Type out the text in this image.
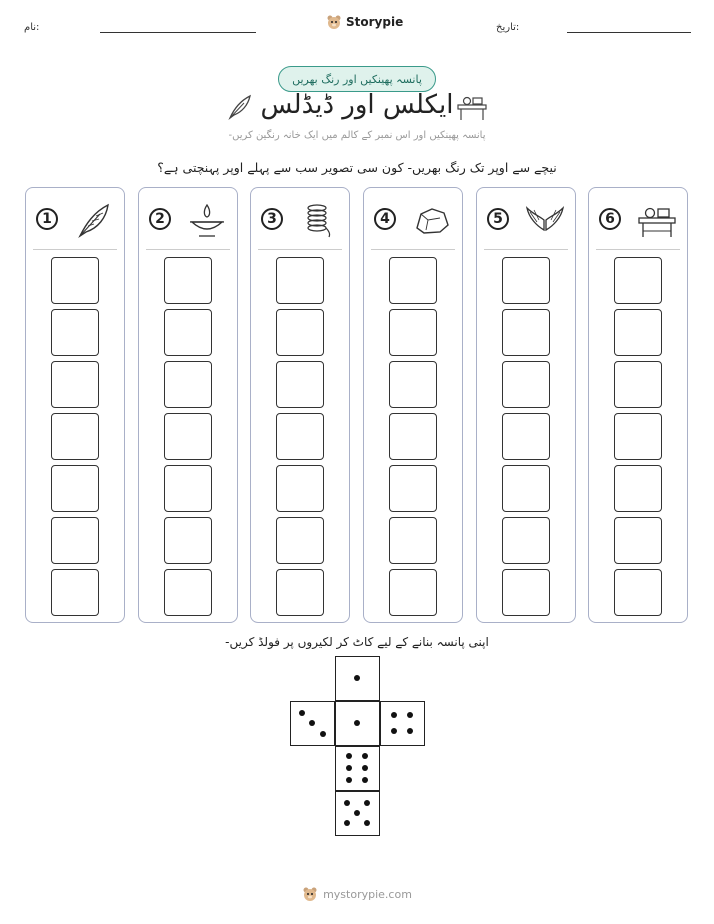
نام:	Storypie	تاریخ:
پانسہ پھینکیں اور رنگ بھریں
ایکلس اور ڈیڈلس
پانسہ پھینکیں اور اس نمبر کے کالم میں ایک خانہ رنگین کریں-
نیچے سے اوپر تک رنگ بھریں- کون سی تصویر سب سے پہلے اوپر پہنچتی ہے؟
1	2	3	4	5	6
اپنی پانسہ بنانے کے لیے کاٹ کر لکیروں پر فولڈ کریں-
mystorypie.com
